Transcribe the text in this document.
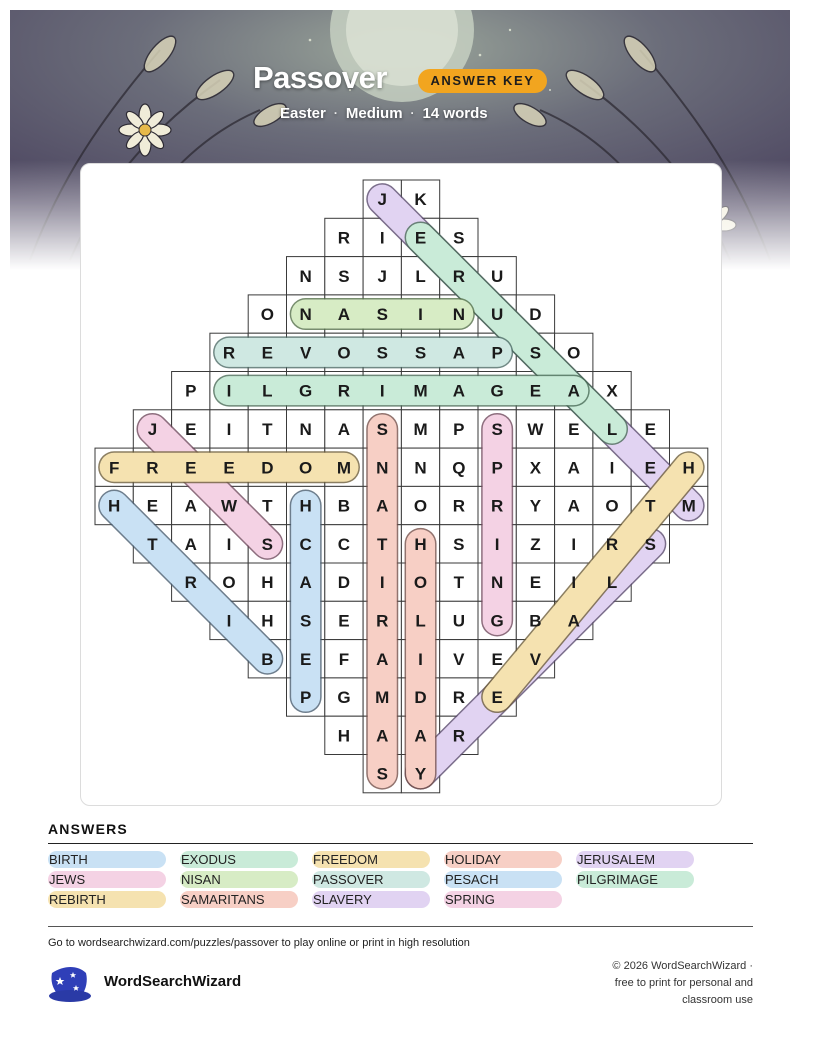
Passover	ANSWER KEY
Easter · Medium · 14 words
J K
R I E S
N S J L R U
O N A S I N U D
R E V O S S A P S O
P I L G R I M A G E A X
J E I T N A S M P S W E L E
F R E E D O M N N Q P X A I E H
H E A W T H B A O R R Y A O T M
T A I S C C T H S I Z I R S
R O H A D I O T N E I L
I H S E R L U G B A
B E F A I V E V
P G M D R E
H A A R
S Y
ANSWERS
BIRTH
JEWS
REBIRTH
EXODUS
NISAN
SAMARITANS
FREEDOM
PASSOVER
SLAVERY
HOLIDAY
PESACH
SPRING
JERUSALEM
PILGRIMAGE
Go to wordsearchwizard.com/puzzles/passover to play online or print in high resolution
WordSearchWizard
© 2026 WordSearchWizard ·
free to print for personal and
classroom use
